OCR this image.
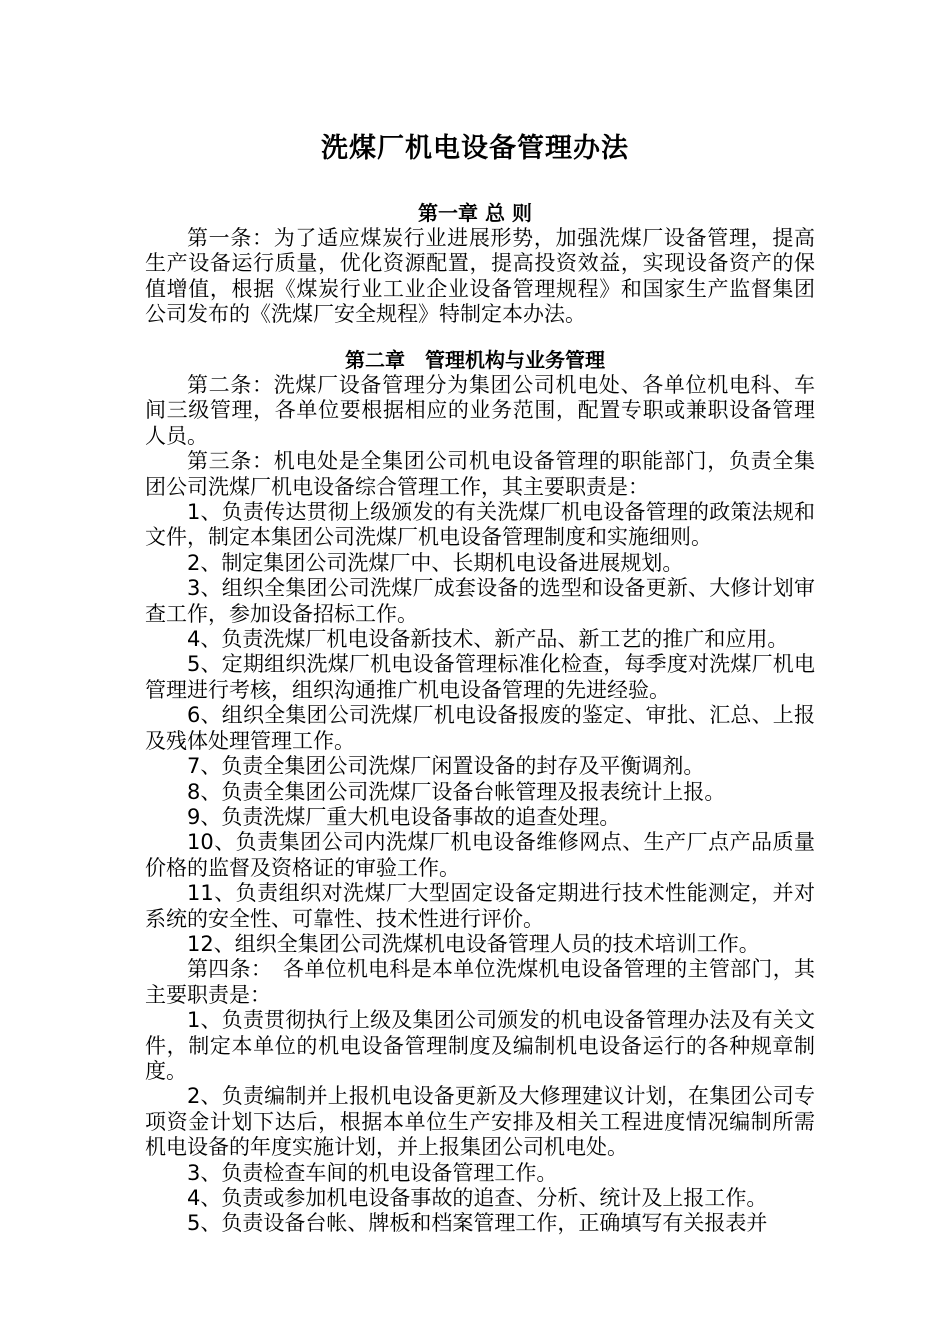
洗煤厂机电设备管理办法
第一章 总 则

第一条：为了适应煤炭行业进展形势，加强洗煤厂设备管理，提高生产设备运行质量，优化资源配置，提高投资效益，实现设备资产的保值增值，根据《煤炭行业工业企业设备管理规程》和国家生产监督集团公司发布的《洗煤厂安全规程》特制定本办法。

第二章　管理机构与业务管理

第二条：洗煤厂设备管理分为集团公司机电处、各单位机电科、车间三级管理，各单位要根据相应的业务范围，配置专职或兼职设备管理人员。

第三条：机电处是全集团公司机电设备管理的职能部门，负责全集团公司洗煤厂机电设备综合管理工作，其主要职责是：

1、负责传达贯彻上级颁发的有关洗煤厂机电设备管理的政策法规和文件，制定本集团公司洗煤厂机电设备管理制度和实施细则。

2、制定集团公司洗煤厂中、长期机电设备进展规划。

3、组织全集团公司洗煤厂成套设备的选型和设备更新、大修计划审查工作，参加设备招标工作。

4、负责洗煤厂机电设备新技术、新产品、新工艺的推广和应用。

5、定期组织洗煤厂机电设备管理标准化检查，每季度对洗煤厂机电管理进行考核，组织沟通推广机电设备管理的先进经验。

6、组织全集团公司洗煤厂机电设备报废的鉴定、审批、汇总、上报及残体处理管理工作。

7、负责全集团公司洗煤厂闲置设备的封存及平衡调剂。

8、负责全集团公司洗煤厂设备台帐管理及报表统计上报。

9、负责洗煤厂重大机电设备事故的追查处理。

10、负责集团公司内洗煤厂机电设备维修网点、生产厂点产品质量价格的监督及资格证的审验工作。

11、负责组织对洗煤厂大型固定设备定期进行技术性能测定，并对系统的安全性、可靠性、技术性进行评价。

12、组织全集团公司洗煤机电设备管理人员的技术培训工作。

第四条：　各单位机电科是本单位洗煤机电设备管理的主管部门，其主要职责是：

1、负责贯彻执行上级及集团公司颁发的机电设备管理办法及有关文件，制定本单位的机电设备管理制度及编制机电设备运行的各种规章制度。

2、负责编制并上报机电设备更新及大修理建议计划，在集团公司专项资金计划下达后，根据本单位生产安排及相关工程进度情况编制所需机电设备的年度实施计划，并上报集团公司机电处。

3、负责检查车间的机电设备管理工作。

4、负责或参加机电设备事故的追查、分析、统计及上报工作。

5、负责设备台帐、牌板和档案管理工作，正确填写有关报表并
